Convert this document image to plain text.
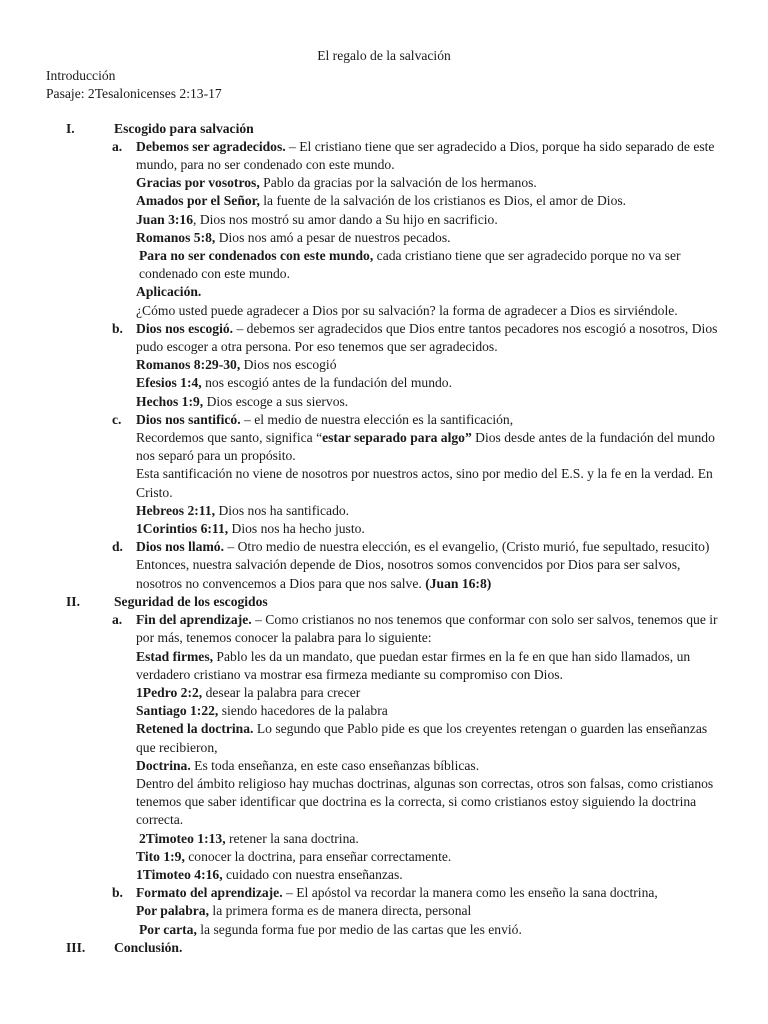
El regalo de la salvación
Introducción
Pasaje: 2Tesalonicenses 2:13-17
I.	Escogido para salvación
a. Debemos ser agradecidos. – El cristiano tiene que ser agradecido a Dios, porque ha sido separado de este mundo, para no ser condenado con este mundo.
Gracias por vosotros, Pablo da gracias por la salvación de los hermanos.
Amados por el Señor, la fuente de la salvación de los cristianos es Dios, el amor de Dios.
Juan 3:16, Dios nos mostró su amor dando a Su hijo en sacrificio.
Romanos 5:8, Dios nos amó a pesar de nuestros pecados.
Para no ser condenados con este mundo, cada cristiano tiene que ser agradecido porque no va ser condenado con este mundo.
Aplicación.
¿Cómo usted puede agradecer a Dios por su salvación? la forma de agradecer a Dios es sirviéndole.
b. Dios nos escogió. – debemos ser agradecidos que Dios entre tantos pecadores nos escogió a nosotros, Dios pudo escoger a otra persona. Por eso tenemos que ser agradecidos.
Romanos 8:29-30, Dios nos escogió
Efesios 1:4, nos escogió antes de la fundación del mundo.
Hechos 1:9, Dios escoge a sus siervos.
c. Dios nos santificó. – el medio de nuestra elección es la santificación,
Recordemos que santo, significa “estar separado para algo” Dios desde antes de la fundación del mundo nos separó para un propósito.
Esta santificación no viene de nosotros por nuestros actos, sino por medio del E.S. y la fe en la verdad. En Cristo.
Hebreos 2:11, Dios nos ha santificado.
1Corintios 6:11, Dios nos ha hecho justo.
d. Dios nos llamó. – Otro medio de nuestra elección, es el evangelio, (Cristo murió, fue sepultado, resucito)
Entonces, nuestra salvación depende de Dios, nosotros somos convencidos por Dios para ser salvos, nosotros no convencemos a Dios para que nos salve. (Juan 16:8)
II.	Seguridad de los escogidos
a. Fin del aprendizaje. – Como cristianos no nos tenemos que conformar con solo ser salvos, tenemos que ir por más, tenemos conocer la palabra para lo siguiente:
Estad firmes, Pablo les da un mandato, que puedan estar firmes en la fe en que han sido llamados, un verdadero cristiano va mostrar esa firmeza mediante su compromiso con Dios.
1Pedro 2:2, desear la palabra para crecer
Santiago 1:22, siendo hacedores de la palabra
Retened la doctrina. Lo segundo que Pablo pide es que los creyentes retengan o guarden las enseñanzas que recibieron,
Doctrina. Es toda enseñanza, en este caso enseñanzas bíblicas.
Dentro del ámbito religioso hay muchas doctrinas, algunas son correctas, otros son falsas, como cristianos tenemos que saber identificar que doctrina es la correcta, si como cristianos estoy siguiendo la doctrina correcta.
2Timoteo 1:13, retener la sana doctrina.
Tito 1:9, conocer la doctrina, para enseñar correctamente.
1Timoteo 4:16, cuidado con nuestra enseñanzas.
b. Formato del aprendizaje. – El apóstol va recordar la manera como les enseño la sana doctrina,
Por palabra, la primera forma es de manera directa, personal
Por carta, la segunda forma fue por medio de las cartas que les envió.
III. Conclusión.
